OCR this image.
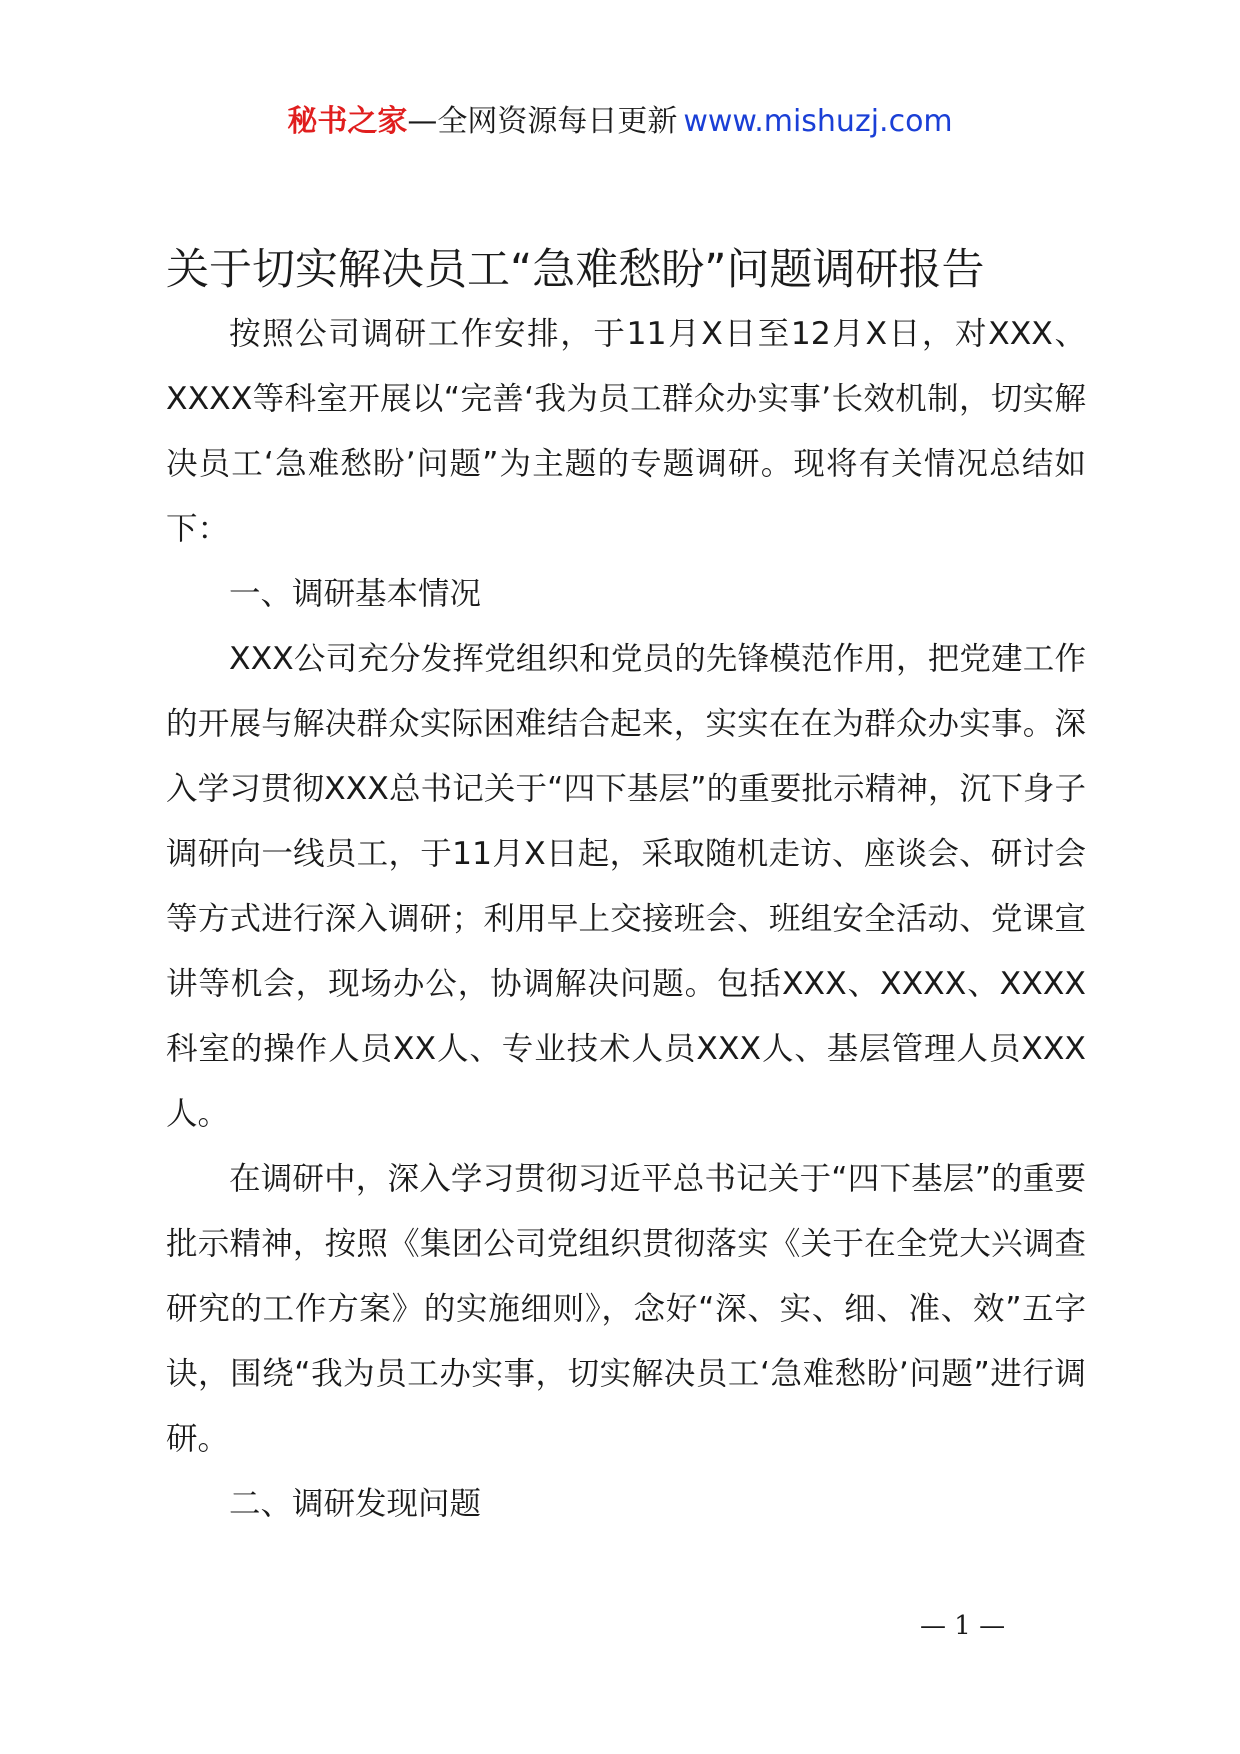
秘书之家—全网资源每日更新 www.mishuzj.com
关于切实解决员工“急难愁盼”问题调研报告

按照公司调研工作安排，于11月X日至12月X日，对XXX、XXXX等科室开展以“完善‘我为员工群众办实事’长效机制，切实解决员工‘急难愁盼’问题”为主题的专题调研。现将有关情况总结如下：

一、调研基本情况

XXX公司充分发挥党组织和党员的先锋模范作用，把党建工作的开展与解决群众实际困难结合起来，实实在在为群众办实事。深入学习贯彻XXX总书记关于“四下基层”的重要批示精神，沉下身子调研向一线员工，于11月X日起，采取随机走访、座谈会、研讨会等方式进行深入调研；利用早上交接班会、班组安全活动、党课宣讲等机会，现场办公，协调解决问题。包括XXX、XXXX、XXXX科室的操作人员XX人、专业技术人员XXX人、基层管理人员XXX人。

在调研中，深入学习贯彻习近平总书记关于“四下基层”的重要批示精神，按照《集团公司党组织贯彻落实《关于在全党大兴调查研究的工作方案》的实施细则》，念好“深、实、细、准、效”五字诀，围绕“我为员工办实事，切实解决员工‘急难愁盼’问题”进行调研。

二、调研发现问题

— 1 —
